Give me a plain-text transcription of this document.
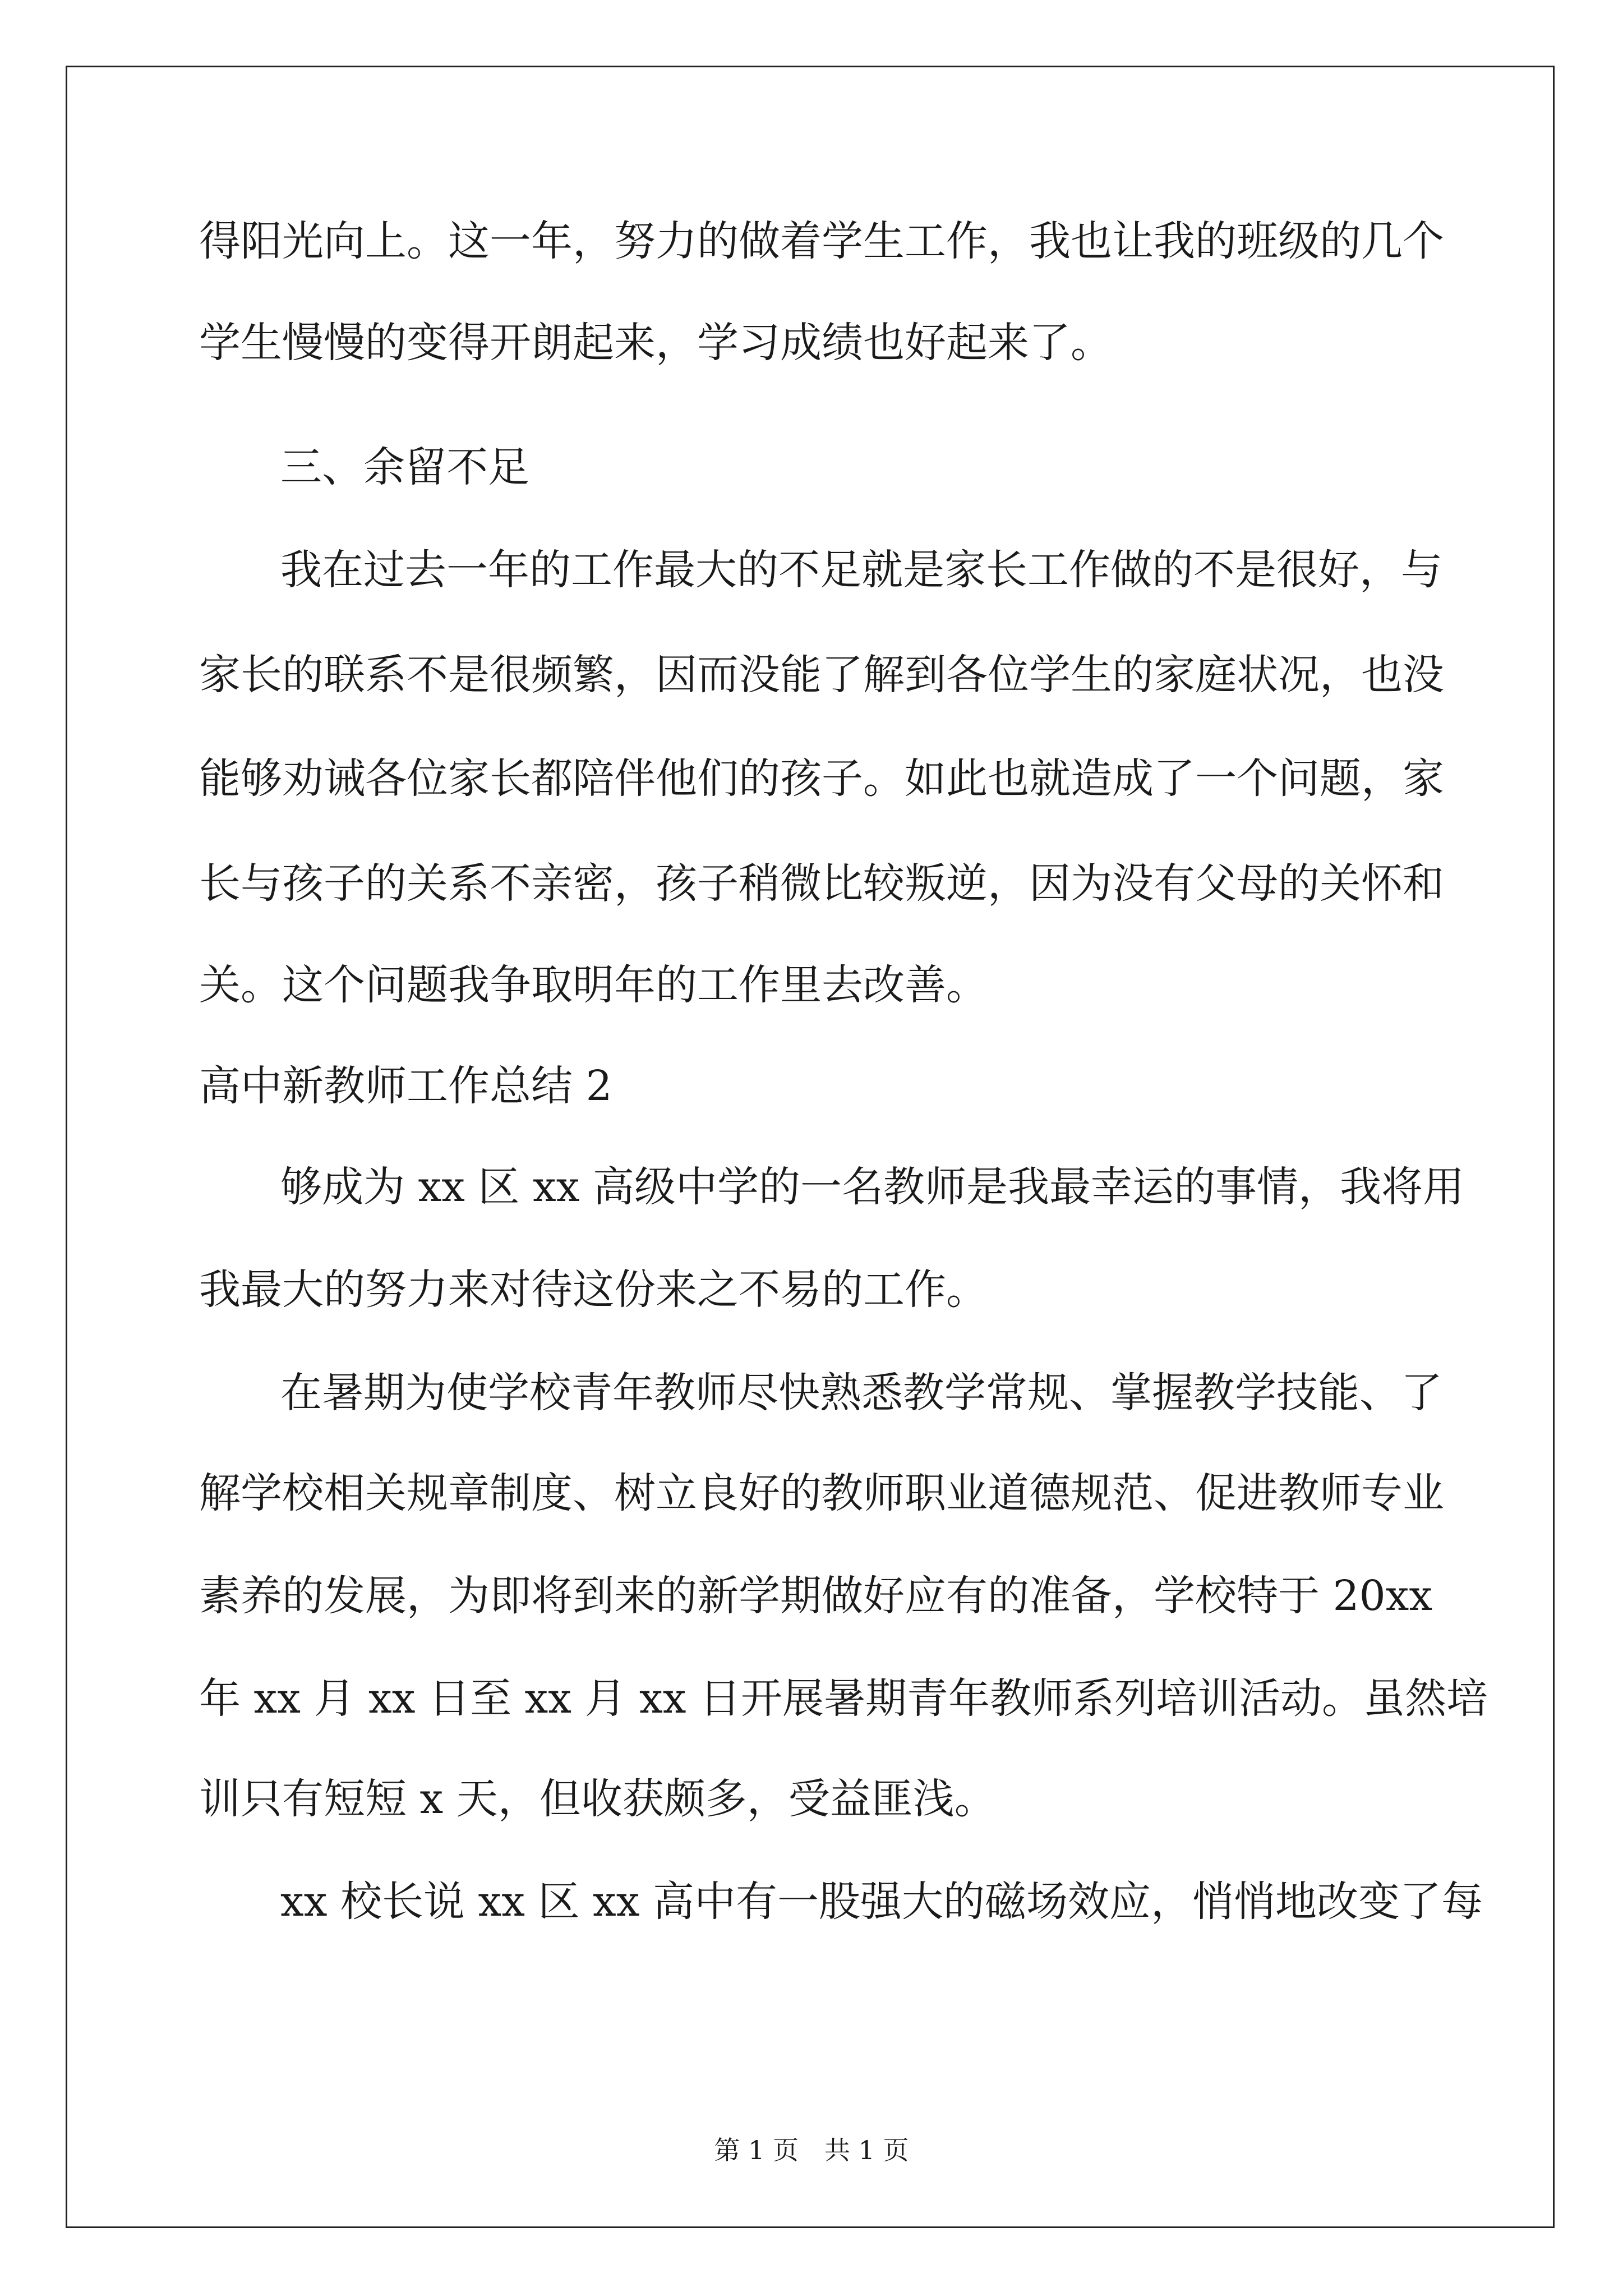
得阳光向上。这一年，努力的做着学生工作，我也让我的班级的几个
学生慢慢的变得开朗起来，学习成绩也好起来了。
三、余留不足
我在过去一年的工作最大的不足就是家长工作做的不是很好，与
家长的联系不是很频繁，因而没能了解到各位学生的家庭状况，也没
能够劝诫各位家长都陪伴他们的孩子。如此也就造成了一个问题，家
长与孩子的关系不亲密，孩子稍微比较叛逆，因为没有父母的关怀和
关。这个问题我争取明年的工作里去改善。
高中新教师工作总结 2
够成为 xx 区 xx 高级中学的一名教师是我最幸运的事情，我将用
我最大的努力来对待这份来之不易的工作。
在暑期为使学校青年教师尽快熟悉教学常规、掌握教学技能、了
解学校相关规章制度、树立良好的教师职业道德规范、促进教师专业
素养的发展，为即将到来的新学期做好应有的准备，学校特于 20xx
年 xx 月 xx 日至 xx 月 xx 日开展暑期青年教师系列培训活动。虽然培
训只有短短 x 天，但收获颇多，受益匪浅。
xx 校长说 xx 区 xx 高中有一股强大的磁场效应，悄悄地改变了每
第 1 页　共 1 页
